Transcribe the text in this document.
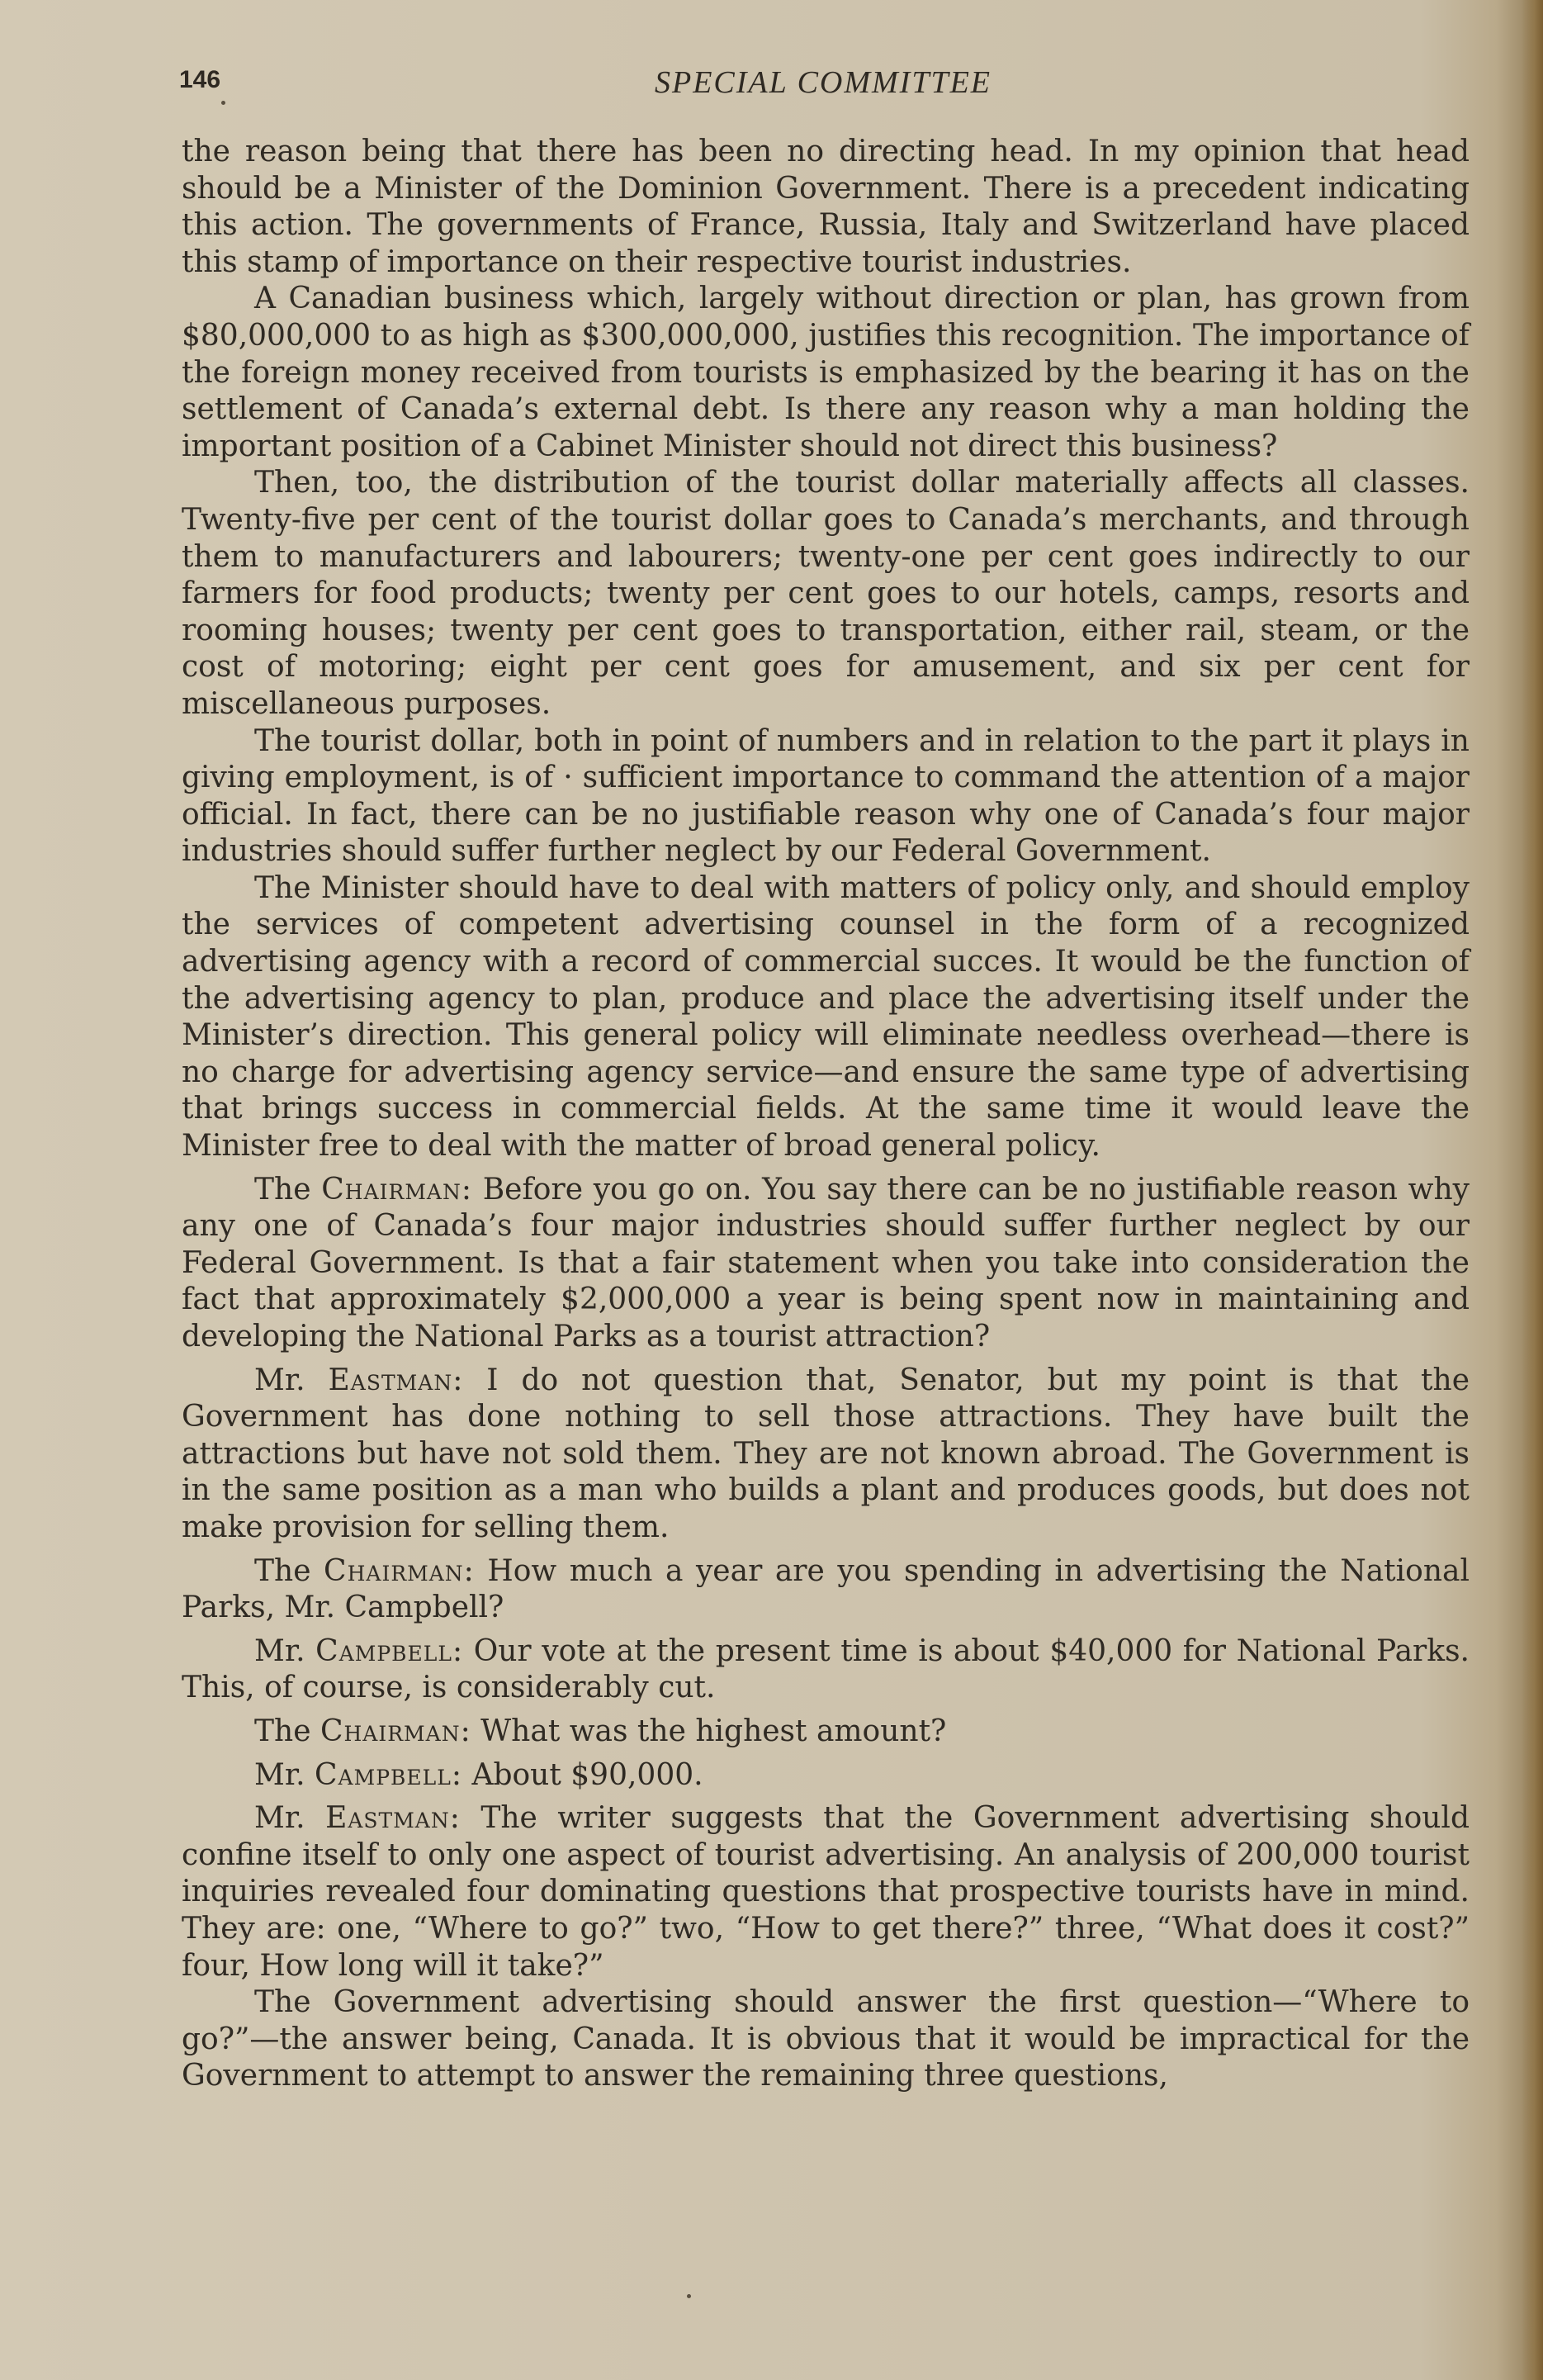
146	SPECIAL COMMITTEE

the reason being that there has been no directing head. In my opinion that head should be a Minister of the Dominion Government. There is a precedent indicating this action. The governments of France, Russia, Italy and Switzerland have placed this stamp of importance on their respective tourist industries.

A Canadian business which, largely without direction or plan, has grown from $80,000,000 to as high as $300,000,000, justifies this recognition. The importance of the foreign money received from tourists is emphasized by the bearing it has on the settlement of Canada’s external debt. Is there any reason why a man holding the important position of a Cabinet Minister should not direct this business?

Then, too, the distribution of the tourist dollar materially affects all classes. Twenty-five per cent of the tourist dollar goes to Canada’s merchants, and through them to manufacturers and labourers; twenty-one per cent goes indirectly to our farmers for food products; twenty per cent goes to our hotels, camps, resorts and rooming houses; twenty per cent goes to transportation, either rail, steam, or the cost of motoring; eight per cent goes for amusement, and six per cent for miscellaneous purposes.

The tourist dollar, both in point of numbers and in relation to the part it plays in giving employment, is of · sufficient importance to command the attention of a major official. In fact, there can be no justifiable reason why one of Canada’s four major industries should suffer further neglect by our Federal Government.

The Minister should have to deal with matters of policy only, and should employ the services of competent advertising counsel in the form of a recognized advertising agency with a record of commercial succes. It would be the function of the advertising agency to plan, produce and place the advertising itself under the Minister’s direction. This general policy will eliminate needless overhead—there is no charge for advertising agency service—and ensure the same type of advertising that brings success in commercial fields. At the same time it would leave the Minister free to deal with the matter of broad general policy.

The Chairman: Before you go on. You say there can be no justifiable reason why any one of Canada’s four major industries should suffer further neglect by our Federal Government. Is that a fair statement when you take into consideration the fact that approximately $2,000,000 a year is being spent now in maintaining and developing the National Parks as a tourist attraction?

Mr. Eastman: I do not question that, Senator, but my point is that the Government has done nothing to sell those attractions. They have built the attractions but have not sold them. They are not known abroad. The Government is in the same position as a man who builds a plant and produces goods, but does not make provision for selling them.

The Chairman: How much a year are you spending in advertising the National Parks, Mr. Campbell?

Mr. Campbell: Our vote at the present time is about $40,000 for National Parks. This, of course, is considerably cut.

The Chairman: What was the highest amount?

Mr. Campbell: About $90,000.

Mr. Eastman: The writer suggests that the Government advertising should confine itself to only one aspect of tourist advertising. An analysis of 200,000 tourist inquiries revealed four dominating questions that prospective tourists have in mind. They are: one, “Where to go?” two, “How to get there?” three, “What does it cost?” four, How long will it take?”

The Government advertising should answer the first question—“Where to go?”—the answer being, Canada. It is obvious that it would be impractical for the Government to attempt to answer the remaining three questions,
